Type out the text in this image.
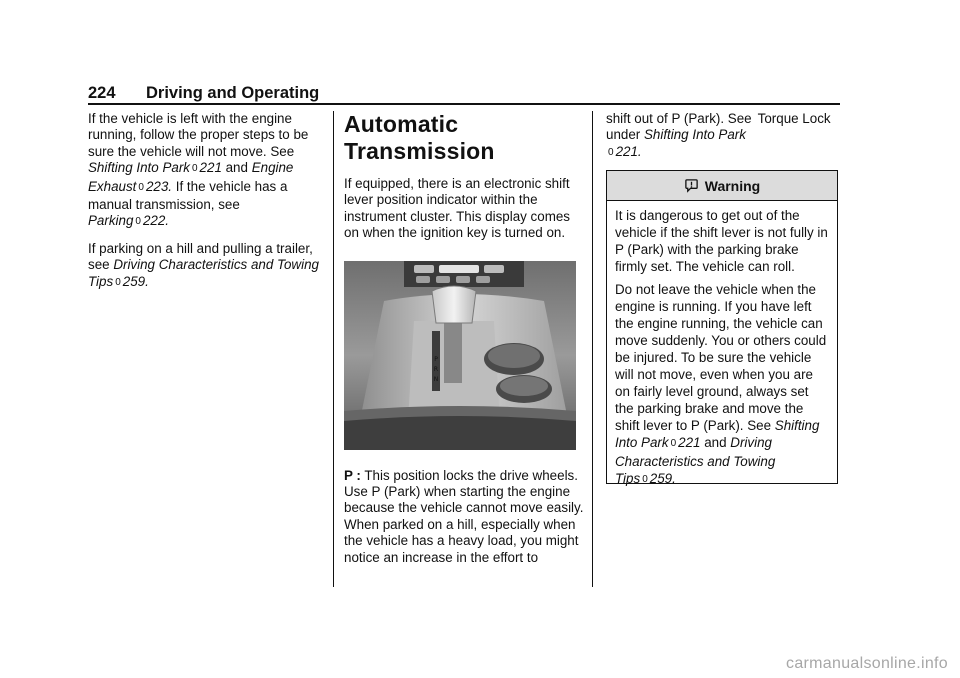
224 Driving and Operating

If the vehicle is left with the engine running, follow the proper steps to be sure the vehicle will not move. See Shifting Into Park 0 221 and Engine Exhaust 0 223. If the vehicle has a manual transmission, see Parking 0 222.

If parking on a hill and pulling a trailer, see Driving Characteristics and Towing Tips 0 259.

Automatic Transmission

If equipped, there is an electronic shift lever position indicator within the instrument cluster. This display comes on when the ignition key is turned on.

P
R
N

P : This position locks the drive wheels. Use P (Park) when starting the engine because the vehicle cannot move easily. When parked on a hill, especially when the vehicle has a heavy load, you might notice an increase in the effort to

shift out of P (Park). See Torque Lockunder Shifting Into Park
0 221.

Warning

It is dangerous to get out of the vehicle if the shift lever is not fully in P (Park) with the parking brake firmly set. The vehicle can roll.

Do not leave the vehicle when the engine is running. If you have left the engine running, the vehicle can move suddenly. You or others could be injured. To be sure the vehicle will not move, even when you are on fairly level ground, always set the parking brake and move the shift lever to P (Park). See Shifting Into Park 0 221 and Driving Characteristics and Towing Tips 0 259.

carmanualsonline.info
